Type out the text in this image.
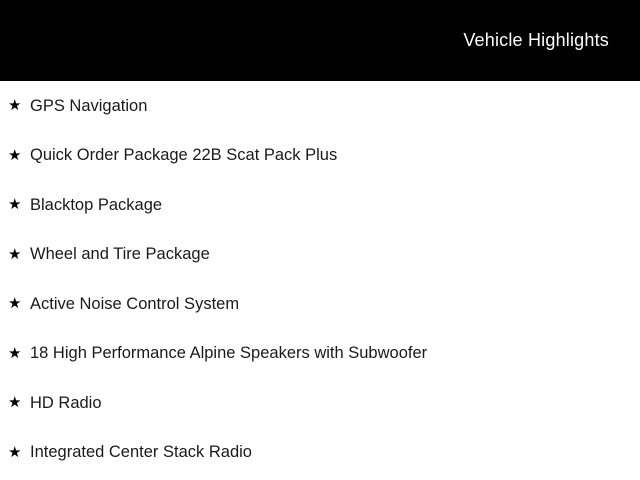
Vehicle Highlights
★ GPS Navigation
★ Quick Order Package 22B Scat Pack Plus
★ Blacktop Package
★ Wheel and Tire Package
★ Active Noise Control System
★ 18 High Performance Alpine Speakers with Subwoofer
★ HD Radio
★ Integrated Center Stack Radio
